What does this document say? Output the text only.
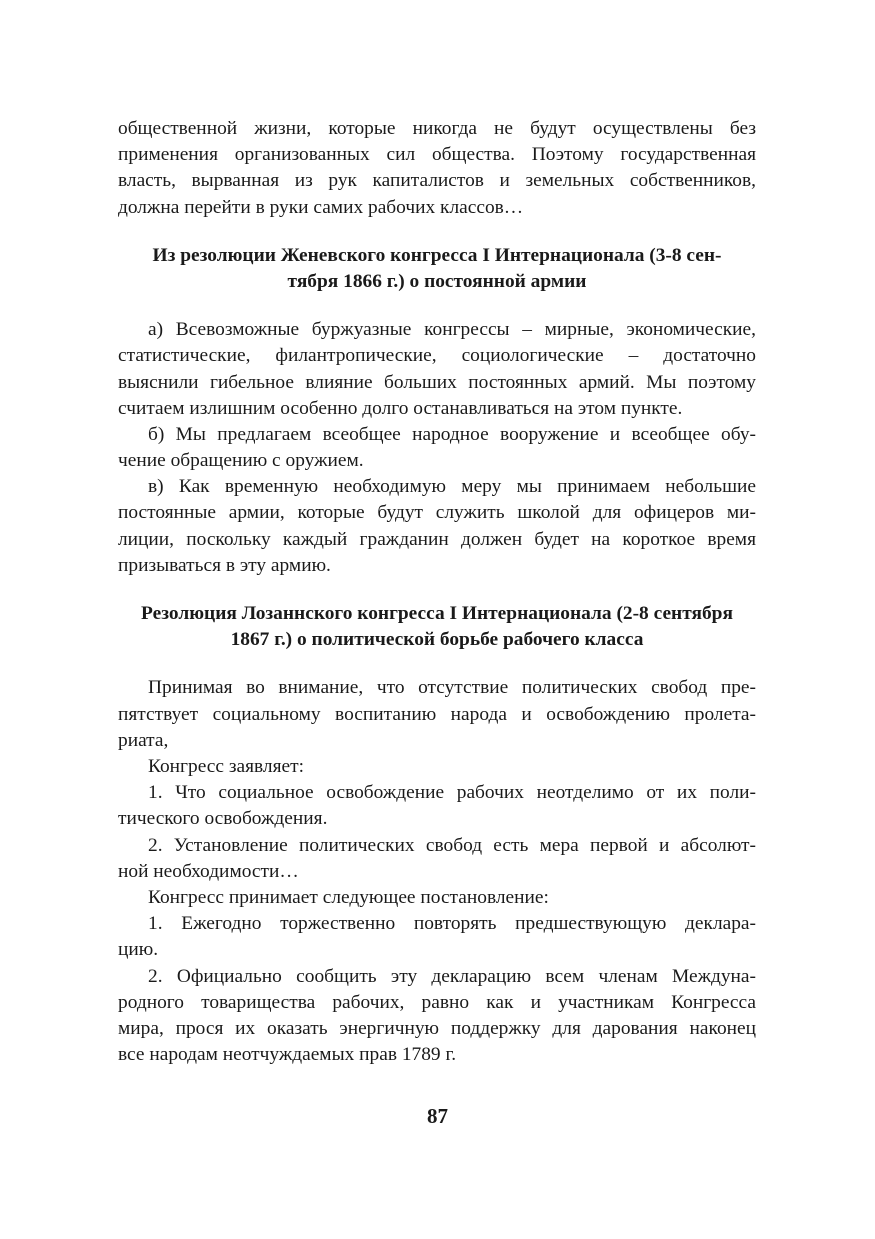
общественной жизни, которые никогда не будут осуществлены без
применения организованных сил общества. Поэтому государственная
власть, вырванная из рук капиталистов и земельных собственников,
должна перейти в руки самих рабочих классов…
Из резолюции Женевского конгресса I Интернационала (3-8 сен-
тября 1866 г.) о постоянной армии
а) Всевозможные буржуазные конгрессы – мирные, экономические,
статистические, филантропические, социологические – достаточно
выяснили гибельное влияние больших постоянных армий. Мы поэтому
считаем излишним особенно долго останавливаться на этом пункте.
б) Мы предлагаем всеобщее народное вооружение и всеобщее обу-
чение обращению с оружием.
в) Как временную необходимую меру мы принимаем небольшие
постоянные армии, которые будут служить школой для офицеров ми-
лиции, поскольку каждый гражданин должен будет на короткое время
призываться в эту армию.
Резолюция Лозаннского конгресса I Интернационала (2-8 сентября
1867 г.) о политической борьбе рабочего класса
Принимая во внимание, что отсутствие политических свобод пре-
пятствует социальному воспитанию народа и освобождению пролета-
риата,
Конгресс заявляет:
1. Что социальное освобождение рабочих неотделимо от их поли-
тического освобождения.
2. Установление политических свобод есть мера первой и абсолют-
ной необходимости…
Конгресс принимает следующее постановление:
1. Ежегодно торжественно повторять предшествующую деклара-
цию.
2. Официально сообщить эту декларацию всем членам Междуна-
родного товарищества рабочих, равно как и участникам Конгресса
мира, прося их оказать энергичную поддержку для дарования наконец
все народам неотчуждаемых прав 1789 г.
87
